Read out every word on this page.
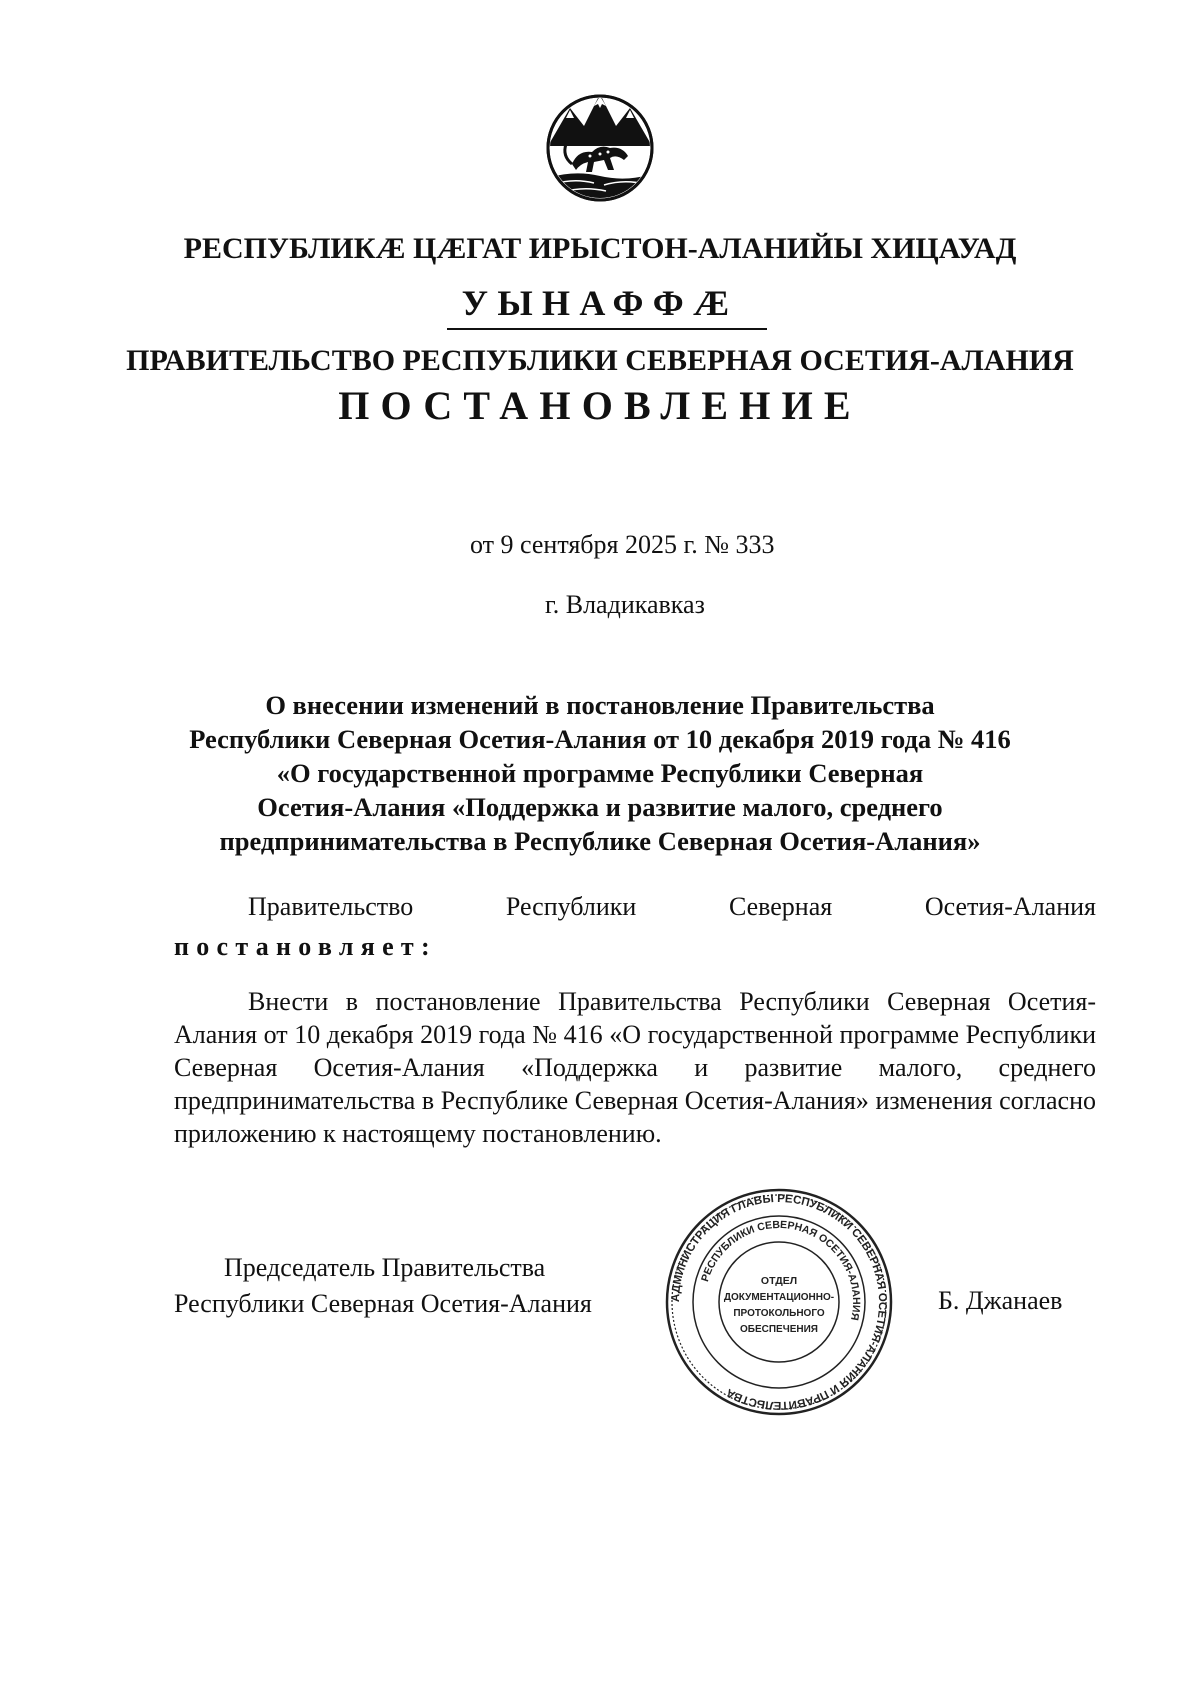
РЕСПУБЛИКӔ ЦӔГАТ ИРЫСТОН-АЛАНИЙЫ ХИЦАУАД
УЫНАФФӔ
ПРАВИТЕЛЬСТВО РЕСПУБЛИКИ СЕВЕРНАЯ ОСЕТИЯ-АЛАНИЯ
ПОСТАНОВЛЕНИЕ
от 9 сентября 2025 г. № 333
г. Владикавказ
О внесении изменений в постановление Правительства
Республики Северная Осетия-Алания от 10 декабря 2019 года № 416
«О государственной программе Республики Северная
Осетия-Алания «Поддержка и развитие малого, среднего
предпринимательства в Республике Северная Осетия-Алания»
Правительство	Республики	Северная	Осетия-Алания
постановляет:
Внести в постановление Правительства Республики Северная Осетия-Алания от 10 декабря 2019 года № 416 «О государственной программе Республики Северная Осетия-Алания «Поддержка и развитие малого, среднего предпринимательства в Республике Северная Осетия-Алания» изменения согласно приложению к настоящему постановлению.
Председатель Правительства
Республики Северная Осетия-Алания	Б. Джанаев
АДМИНИСТРАЦИЯ ГЛАВЫ РЕСПУБЛИКИ СЕВЕРНАЯ ОСЕТИЯ-АЛАНИЯ И ПРАВИТЕЛЬСТВА
РЕСПУБЛИКИ СЕВЕРНАЯ ОСЕТИЯ-АЛАНИЯ
ОТДЕЛ
ДОКУМЕНТАЦИОННО-
ПРОТОКОЛЬНОГО
ОБЕСПЕЧЕНИЯ
